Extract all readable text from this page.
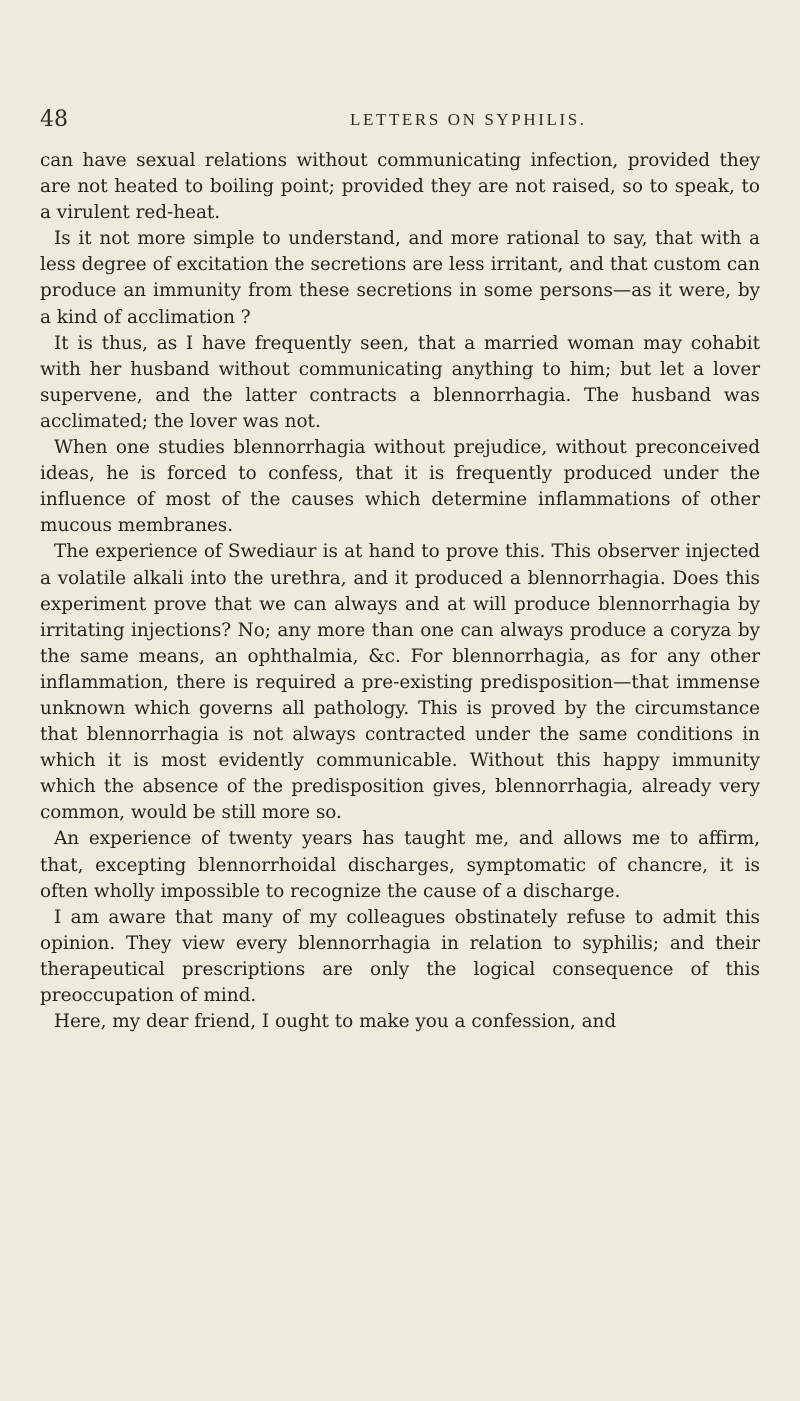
48	LETTERS ON SYPHILIS.

can have sexual relations without communicating infection, provided they are not heated to boiling point; provided they are not raised, so to speak, to a virulent red-heat.

Is it not more simple to understand, and more rational to say, that with a less degree of excitation the secretions are less irritant, and that custom can produce an immunity from these secretions in some persons—as it were, by a kind of acclimation ?

It is thus, as I have frequently seen, that a married woman may cohabit with her husband without communicating anything to him; but let a lover supervene, and the latter contracts a blennorrhagia. The husband was acclimated; the lover was not.

When one studies blennorrhagia without prejudice, without preconceived ideas, he is forced to confess, that it is frequently produced under the influence of most of the causes which determine inflammations of other mucous membranes.

The experience of Swediaur is at hand to prove this. This observer injected a volatile alkali into the urethra, and it produced a blennorrhagia. Does this experiment prove that we can always and at will produce blennorrhagia by irritating injections? No; any more than one can always produce a coryza by the same means, an ophthalmia, &c. For blennorrhagia, as for any other inflammation, there is required a pre-existing predisposition—that immense unknown which governs all pathology. This is proved by the circumstance that blennorrhagia is not always contracted under the same conditions in which it is most evidently communicable. Without this happy immunity which the absence of the predisposition gives, blennorrhagia, already very common, would be still more so.

An experience of twenty years has taught me, and allows me to affirm, that, excepting blennorrhoidal discharges, symptomatic of chancre, it is often wholly impossible to recognize the cause of a discharge.

I am aware that many of my colleagues obstinately refuse to admit this opinion. They view every blennorrhagia in relation to syphilis; and their therapeutical prescriptions are only the logical consequence of this preoccupation of mind.

Here, my dear friend, I ought to make you a confession, and
